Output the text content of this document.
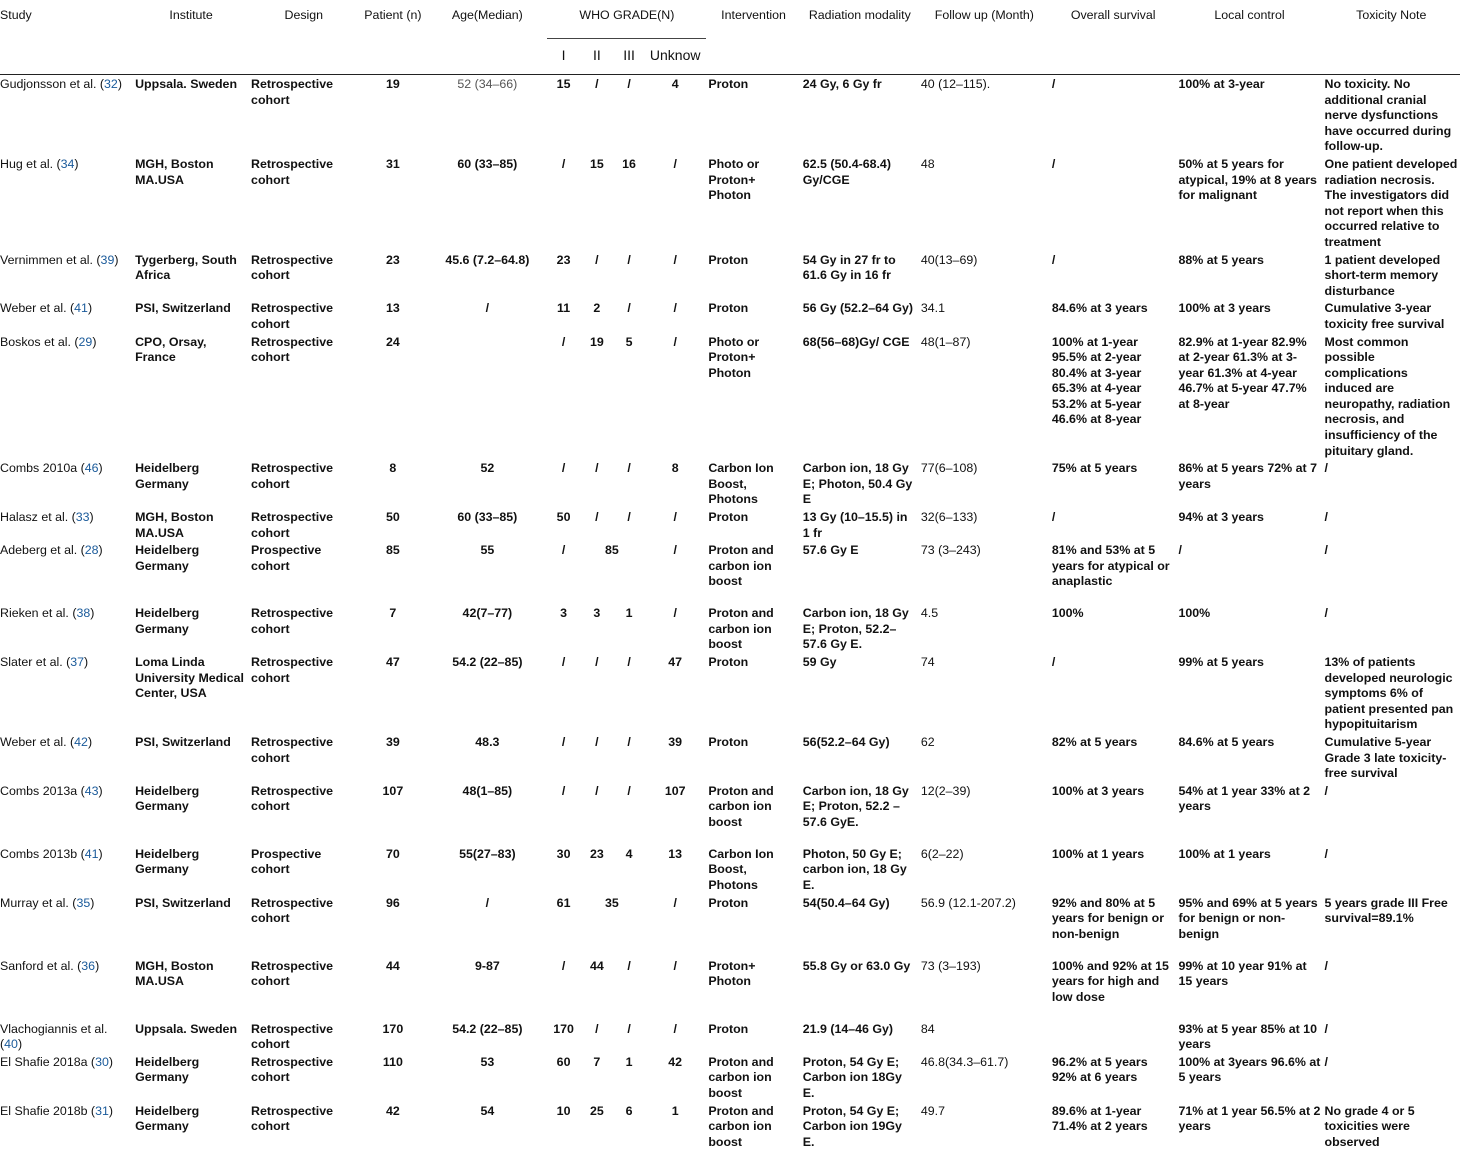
Study	Institute	Design	Patient (n)	Age(Median)	WHO GRADE(N)				Intervention	Radiation modality	Follow up (Month)	Overall survival	Local control	Toxicity Note
					I	II	III	Unknow						
Gudjonsson et al. (32)	Uppsala. Sweden	Retrospective cohort	19	52 (34–66)	15	/	/	4	Proton	24 Gy, 6 Gy fr	40 (12–115).	/	100% at 3-year	No toxicity. No additional cranial nerve dysfunctions have occurred during follow-up.
Hug et al. (34)	MGH, Boston MA.USA	Retrospective cohort	31	60 (33–85)	/	15	16	/	Photo or Proton+ Photon	62.5 (50.4-68.4) Gy/CGE	48	/	50% at 5 years for atypical, 19% at 8 years for malignant	One patient developed radiation necrosis. The investigators did not report when this occurred relative to treatment
Vernimmen et al. (39)	Tygerberg, South Africa	Retrospective cohort	23	45.6 (7.2–64.8)	23	/	/	/	Proton	54 Gy in 27 fr to 61.6 Gy in 16 fr	40(13–69)	/	88% at 5 years	1 patient developed short-term memory disturbance
Weber et al. (41)	PSI, Switzerland	Retrospective cohort	13	/	11	2	/	/	Proton	56 Gy (52.2–64 Gy)	34.1	84.6% at 3 years	100% at 3 years	Cumulative 3-year toxicity free survival
Boskos et al. (29)	CPO, Orsay, France	Retrospective cohort	24		/	19	5	/	Photo or Proton+ Photon	68(56–68)Gy/ CGE	48(1–87)	100% at 1-year 95.5% at 2-year 80.4% at 3-year 65.3% at 4-year 53.2% at 5-year 46.6% at 8-year	82.9% at 1-year 82.9% at 2-year 61.3% at 3-year 61.3% at 4-year 46.7% at 5-year 47.7% at 8-year	Most common possible complications induced are neuropathy, radiation necrosis, and insufficiency of the pituitary gland.
Combs 2010a (46)	Heidelberg Germany	Retrospective cohort	8	52	/	/	/	8	Carbon Ion Boost, Photons	Carbon ion, 18 Gy E; Photon, 50.4 Gy E	77(6–108)	75% at 5 years	86% at 5 years 72% at 7 years	/
Halasz et al. (33)	MGH, Boston MA.USA	Retrospective cohort	50	60 (33–85)	50	/	/	/	Proton	13 Gy (10–15.5) in 1 fr	32(6–133)	/	94% at 3 years	/
Adeberg et al. (28)	Heidelberg Germany	Prospective cohort	85	55	/	85		/	Proton and carbon ion boost	57.6 Gy E	73 (3–243)	81% and 53% at 5 years for atypical or anaplastic	/	/
Rieken et al. (38)	Heidelberg Germany	Retrospective cohort	7	42(7–77)	3	3	1	/	Proton and carbon ion boost	Carbon ion, 18 Gy E; Proton, 52.2–57.6 Gy E.	4.5	100%	100%	/
Slater et al. (37)	Loma Linda University Medical Center, USA	Retrospective cohort	47	54.2 (22–85)	/	/	/	47	Proton	59 Gy	74	/	99% at 5 years	13% of patients developed neurologic symptoms 6% of patient presented pan hypopituitarism
Weber et al. (42)	PSI, Switzerland	Retrospective cohort	39	48.3	/	/	/	39	Proton	56(52.2–64 Gy)	62	82% at 5 years	84.6% at 5 years	Cumulative 5-year Grade 3 late toxicity-free survival
Combs 2013a (43)	Heidelberg Germany	Retrospective cohort	107	48(1–85)	/	/	/	107	Proton and carbon ion boost	Carbon ion, 18 Gy E; Proton, 52.2 – 57.6 GyE.	12(2–39)	100% at 3 years	54% at 1 year 33% at 2 years	/
Combs 2013b (41)	Heidelberg Germany	Prospective cohort	70	55(27–83)	30	23	4	13	Carbon Ion Boost, Photons	Photon, 50 Gy E; carbon ion, 18 Gy E.	6(2–22)	100% at 1 years	100% at 1 years	/
Murray et al. (35)	PSI, Switzerland	Retrospective cohort	96	/	61	35		/	Proton	54(50.4–64 Gy)	56.9 (12.1-207.2)	92% and 80% at 5 years for benign or non-benign	95% and 69% at 5 years for benign or non-benign	5 years grade III Free survival=89.1%
Sanford et al. (36)	MGH, Boston MA.USA	Retrospective cohort	44	9-87	/	44	/	/	Proton+ Photon	55.8 Gy or 63.0 Gy	73 (3–193)	100% and 92% at 15 years for high and low dose	99% at 10 year 91% at 15 years	/
Vlachogiannis et al. (40)	Uppsala. Sweden	Retrospective cohort	170	54.2 (22–85)	170	/	/	/	Proton	21.9 (14–46 Gy)	84		93% at 5 year 85% at 10 years	/
El Shafie 2018a (30)	Heidelberg Germany	Retrospective cohort	110	53	60	7	1	42	Proton and carbon ion boost	Proton, 54 Gy E; Carbon ion 18Gy E.	46.8(34.3–61.7)	96.2% at 5 years 92% at 6 years	100% at 3years 96.6% at 5 years	/
El Shafie 2018b (31)	Heidelberg Germany	Retrospective cohort	42	54	10	25	6	1	Proton and carbon ion boost	Proton, 54 Gy E; Carbon ion 19Gy E.	49.7	89.6% at 1-year 71.4% at 2 years	71% at 1 year 56.5% at 2 years	No grade 4 or 5 toxicities were observed
